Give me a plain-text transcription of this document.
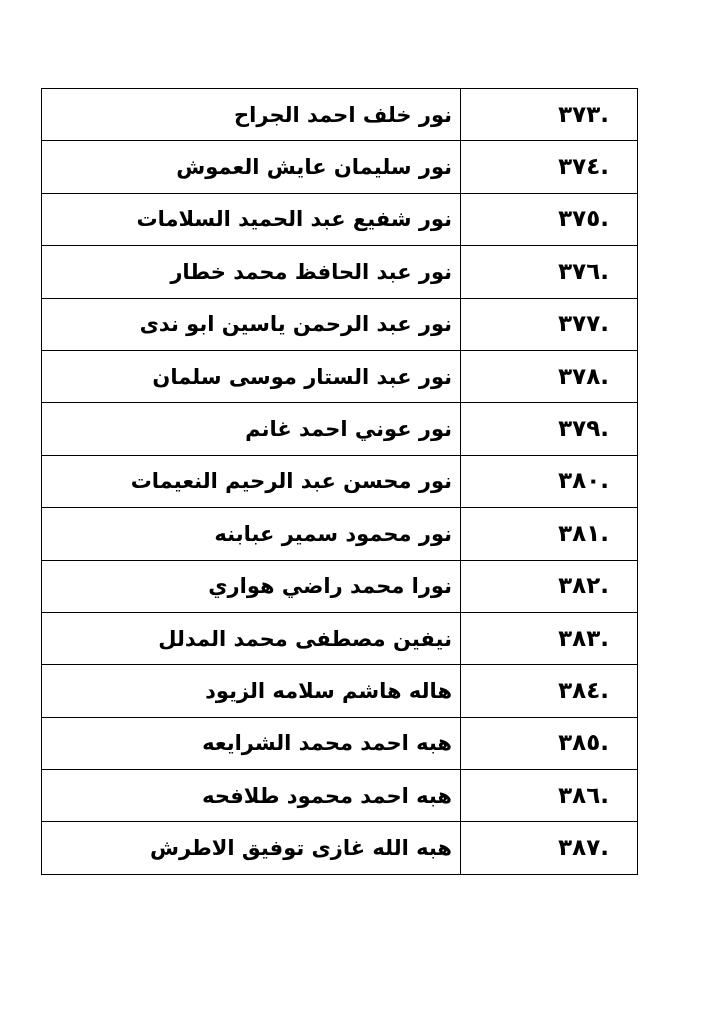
.٣٧٣	نور خلف احمد الجراح
.٣٧٤	نور سليمان عايش العموش
.٣٧٥	نور شفيع عبد الحميد السلامات
.٣٧٦	نور عبد الحافظ محمد خطار
.٣٧٧	نور عبد الرحمن ياسين ابو ندى
.٣٧٨	نور عبد الستار موسى سلمان
.٣٧٩	نور عوني احمد غانم
.٣٨٠	نور محسن عبد الرحيم النعيمات
.٣٨١	نور محمود سمير عبابنه
.٣٨٢	نورا محمد راضي هواري
.٣٨٣	نيفين مصطفى محمد المدلل
.٣٨٤	هاله هاشم سلامه الزيود
.٣٨٥	هبه احمد محمد الشرايعه
.٣٨٦	هبه احمد محمود طلافحه
.٣٨٧	هبه الله غازى توفيق الاطرش
